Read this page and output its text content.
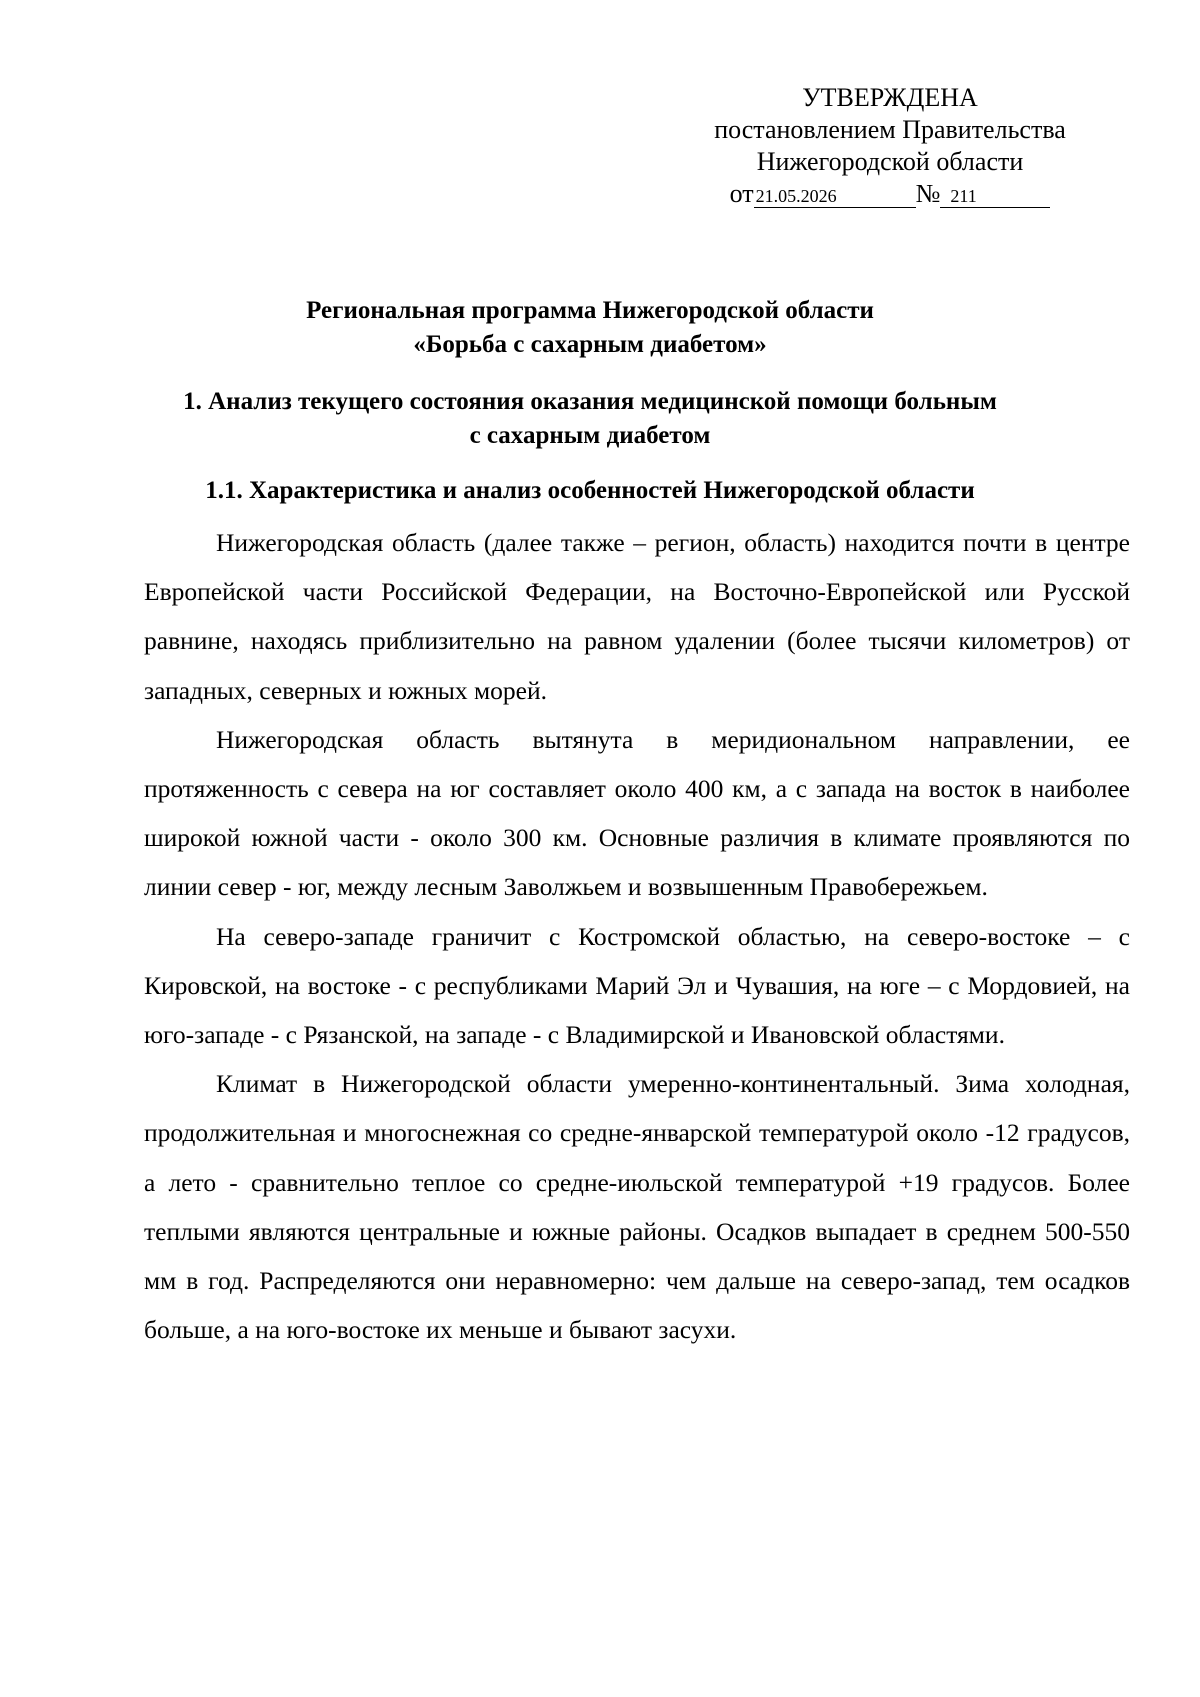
УТВЕРЖДЕНА
постановлением Правительства
Нижегородской области
от 21.05.2026	№ 211
Региональная программа Нижегородской области
«Борьба с сахарным диабетом»
1. Анализ текущего состояния оказания медицинской помощи больным
с сахарным диабетом
1.1. Характеристика и анализ особенностей Нижегородской области

Нижегородская область (далее также – регион, область) находится почти в центре Европейской части Российской Федерации, на Восточно-Европейской или Русской равнине, находясь приблизительно на равном удалении (более тысячи километров) от западных, северных и южных морей.

Нижегородская область вытянута в меридиональном направлении, ее протяженность с севера на юг составляет около 400 км, а с запада на восток в наиболее широкой южной части - около 300 км. Основные различия в климате проявляются по линии север - юг, между лесным Заволжьем и возвышенным Правобережьем.

На северо-западе граничит с Костромской областью, на северо-востоке – с Кировской, на востоке - с республиками Марий Эл и Чувашия, на юге – с Мордовией, на юго-западе - с Рязанской, на западе - с Владимирской и Ивановской областями.

Климат в Нижегородской области умеренно-континентальный. Зима холодная, продолжительная и многоснежная со средне-январской температурой около -12 градусов, а лето - сравнительно теплое со средне-июльской температурой +19 градусов. Более теплыми являются центральные и южные районы. Осадков выпадает в среднем 500-550 мм в год. Распределяются они неравномерно: чем дальше на северо-запад, тем осадков больше, а на юго-востоке их меньше и бывают засухи.
